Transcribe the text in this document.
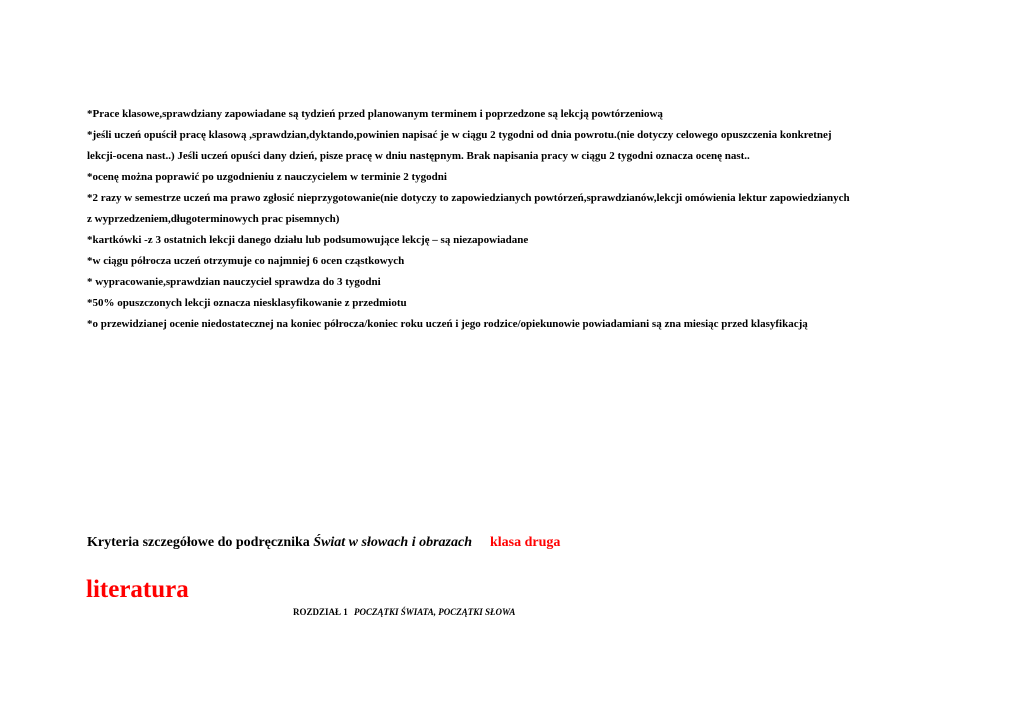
*Prace klasowe,sprawdziany zapowiadane są tydzień przed planowanym terminem i poprzedzone są lekcją powtórzeniową

*jeśli uczeń opuścił pracę klasową ,sprawdzian,dyktando,powinien napisać je w ciągu 2 tygodni od dnia powrotu.(nie dotyczy celowego opuszczenia konkretnej

lekcji-ocena nast..) Jeśli uczeń opuści dany dzień, pisze pracę w dniu następnym. Brak napisania pracy w ciągu 2 tygodni oznacza ocenę nast..

*ocenę można poprawić po uzgodnieniu z nauczycielem w terminie 2 tygodni

*2 razy w semestrze uczeń ma prawo zgłosić nieprzygotowanie(nie dotyczy to zapowiedzianych powtórzeń,sprawdzianów,lekcji omówienia lektur zapowiedzianych

z wyprzedzeniem,długoterminowych prac pisemnych)

*kartkówki -z 3 ostatnich lekcji danego działu lub podsumowujące lekcję – są niezapowiadane

*w ciągu półrocza uczeń otrzymuje co najmniej 6 ocen cząstkowych

* wypracowanie,sprawdzian nauczyciel sprawdza do 3 tygodni

*50% opuszczonych lekcji oznacza niesklasyfikowanie z przedmiotu

*o przewidzianej ocenie niedostatecznej na koniec półrocza/koniec roku uczeń i jego rodzice/opiekunowie powiadamiani są zna miesiąc przed klasyfikacją

Kryteria szczegółowe do podręcznika Świat w słowach i obrazach klasa druga
literatura
ROZDZIAŁ 1 POCZĄTKI ŚWIATA, POCZĄTKI SŁOWA
